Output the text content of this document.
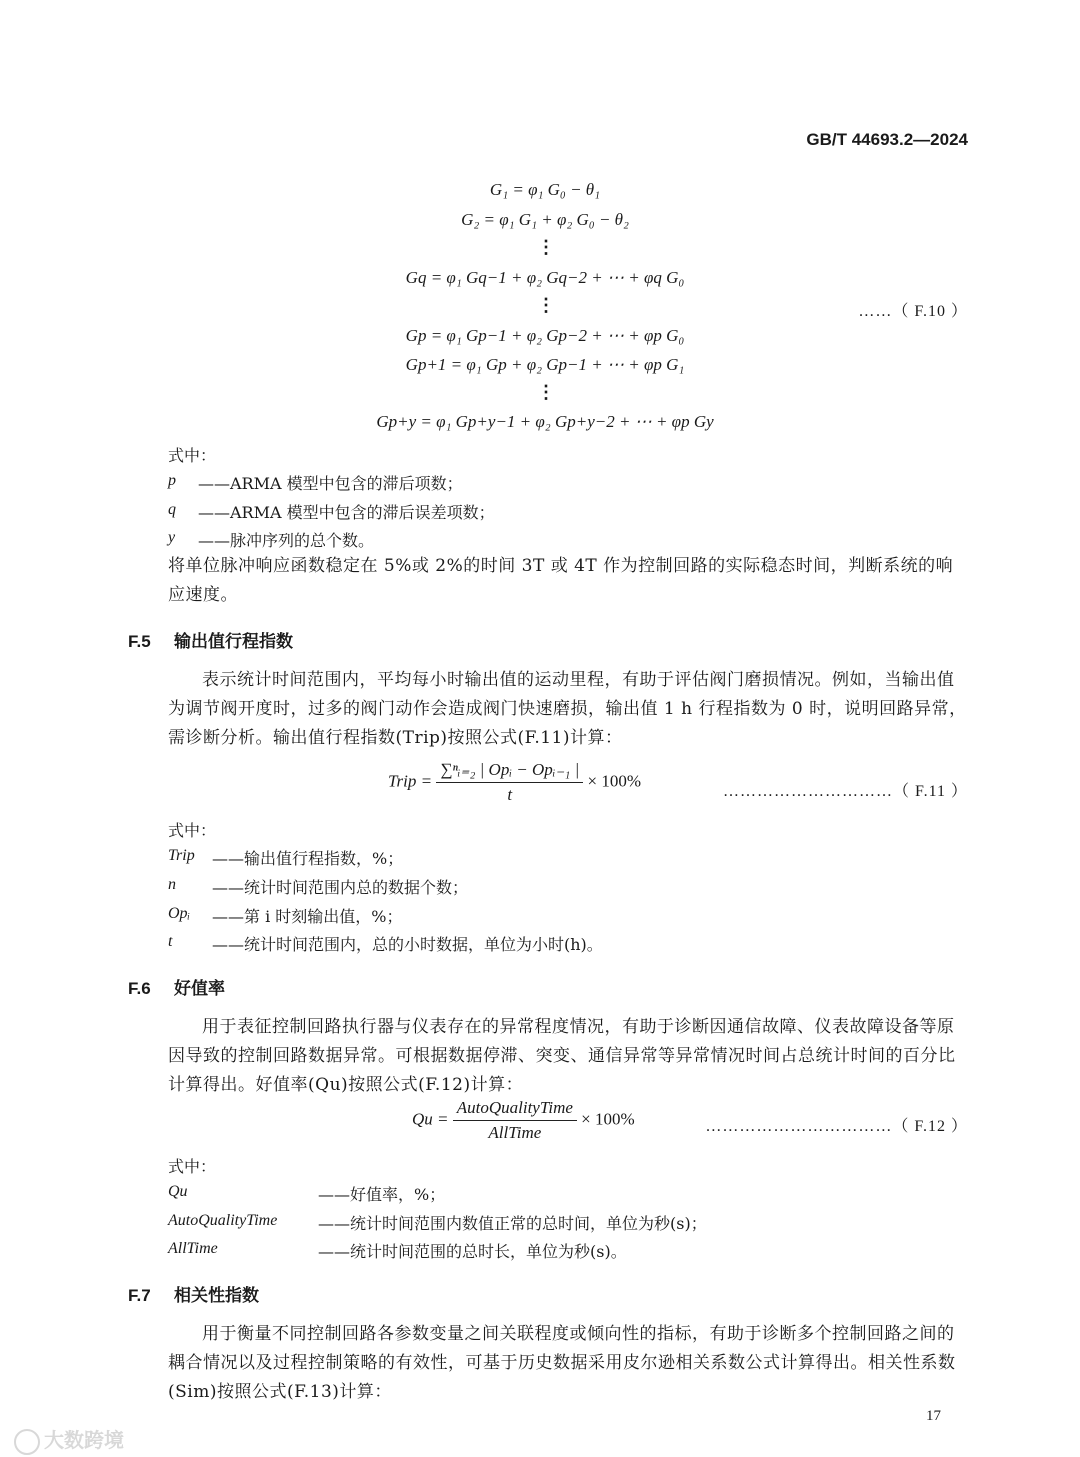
GB/T 44693.2—2024
G₁ = φ₁ G₀ − θ₁
G₂ = φ₁ G₁ + φ₂ G₀ − θ₂
⋮
Gq = φ₁ Gq−1 + φ₂ Gq−2 + ⋯ + φq G₀
⋮	……（ F.10 ）
Gp = φ₁ Gp−1 + φ₂ Gp−2 + ⋯ + φp G₀
Gp+1 = φ₁ Gp + φ₂ Gp−1 + ⋯ + φp G₁
⋮
Gp+y = φ₁ Gp+y−1 + φ₂ Gp+y−2 + ⋯ + φp Gy
式中：
p ——ARMA 模型中包含的滞后项数；
q ——ARMA 模型中包含的滞后误差项数；
y ——脉冲序列的总个数。
将单位脉冲响应函数稳定在 5%或 2%的时间 3T 或 4T 作为控制回路的实际稳态时间，判断系统的响应速度。
F.5 输出值行程指数
表示统计时间范围内，平均每小时输出值的运动里程，有助于评估阀门磨损情况。例如，当输出值为调节阀开度时，过多的阀门动作会造成阀门快速磨损，输出值 1 h 行程指数为 0 时，说明回路异常，需诊断分析。输出值行程指数(Trip)按照公式(F.11)计算：
Trip = $\frac{\text{∑ⁿᵢ₌₂ | Opᵢ − Opᵢ₋₁ |}}{t} \times 100\%$
…………………………（ F.11 ）
式中：
Trip ——输出值行程指数，%；
n ——统计时间范围内总的数据个数；
Opᵢ ——第 i 时刻输出值，%；
t ——统计时间范围内，总的小时数据，单位为小时(h)。
F.6 好值率
用于表征控制回路执行器与仪表存在的异常程度情况，有助于诊断因通信故障、仪表故障设备等原因导致的控制回路数据异常。可根据数据停滞、突变、通信异常等异常情况时间占总统计时间的百分比计算得出。好值率(Qu)按照公式(F.12)计算：
$Qu = \frac{\text{AutoQualityTime}}{\text{AllTime}} \times 100\%$	……………………………（ F.12 ）
式中：
Qu	——好值率，%；
AutoQualityTime	——统计时间范围内数值正常的总时间，单位为秒(s)；
AllTime	——统计时间范围的总时长，单位为秒(s)。
F.7 相关性指数
用于衡量不同控制回路各参数变量之间关联程度或倾向性的指标，有助于诊断多个控制回路之间的耦合情况以及过程控制策略的有效性，可基于历史数据采用皮尔逊相关系数公式计算得出。相关性系数(Sim)按照公式(F.13)计算：
17
大数跨境
